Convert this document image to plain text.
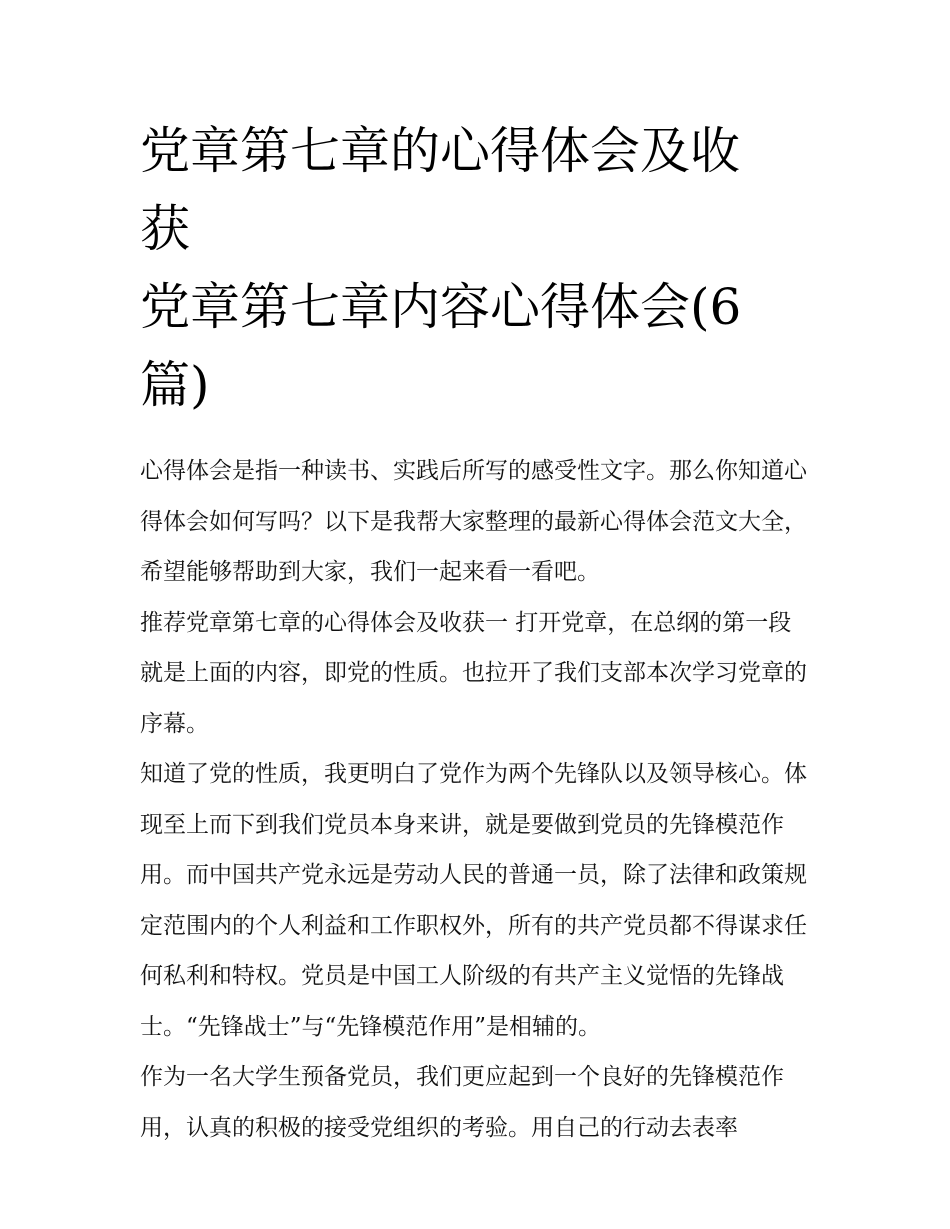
党章第七章的心得体会及收获
党章第七章内容心得体会(6
篇)

心得体会是指一种读书、实践后所写的感受性文字。那么你知道心得体会如何写吗？以下是我帮大家整理的最新心得体会范文大全，希望能够帮助到大家，我们一起来看一看吧。

推荐党章第七章的心得体会及收获一 打开党章，在总纲的第一段就是上面的内容，即党的性质。也拉开了我们支部本次学习党章的序幕。

知道了党的性质，我更明白了党作为两个先锋队以及领导核心。体现至上而下到我们党员本身来讲，就是要做到党员的先锋模范作用。而中国共产党永远是劳动人民的普通一员，除了法律和政策规定范围内的个人利益和工作职权外，所有的共产党员都不得谋求任何私利和特权。党员是中国工人阶级的有共产主义觉悟的先锋战士。“先锋战士”与“先锋模范作用”是相辅的。

作为一名大学生预备党员，我们更应起到一个良好的先锋模范作用，认真的积极的接受党组织的考验。用自己的行动去表率
